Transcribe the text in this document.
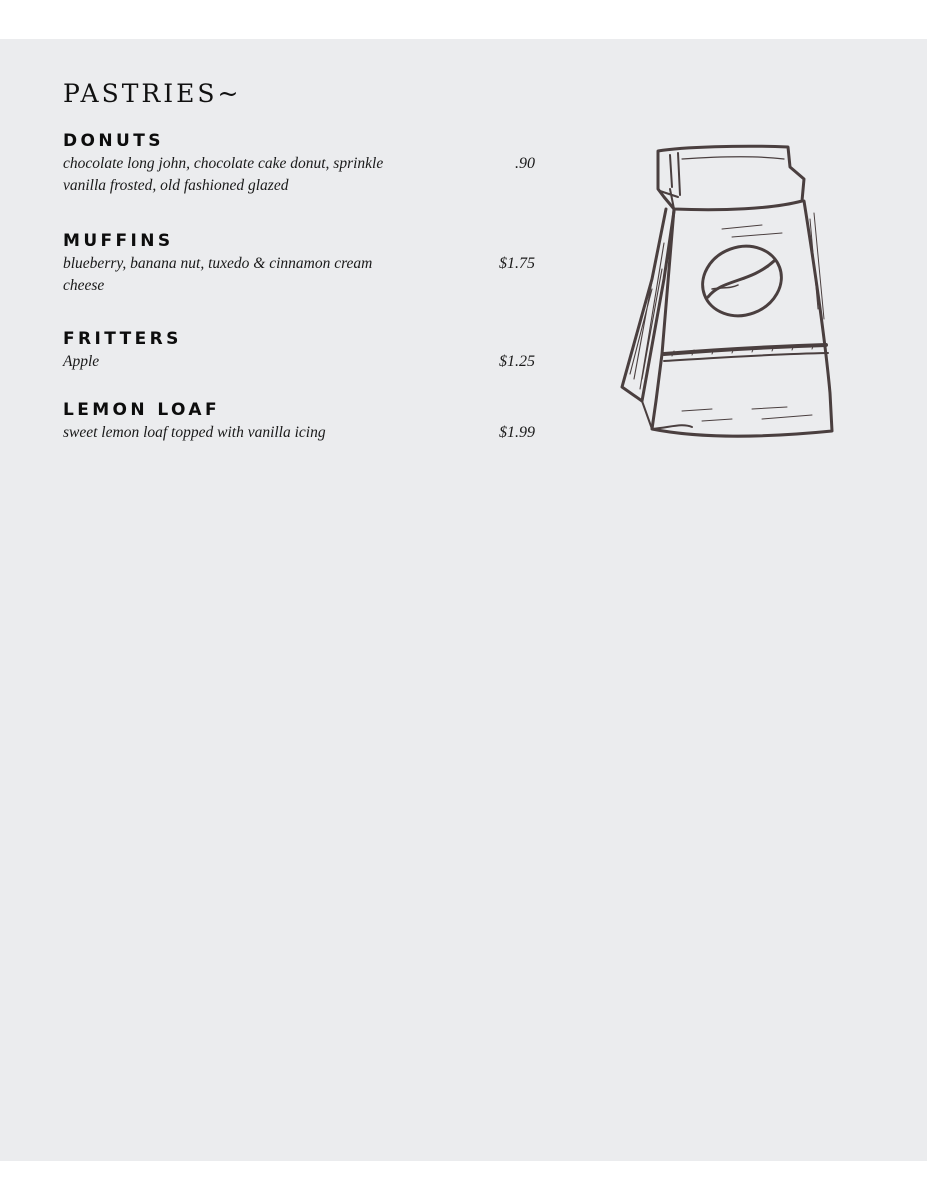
PASTRIES~
DONUTS
.90

chocolate long john, chocolate cake donut, sprinkle vanilla frosted, old fashioned glazed

MUFFINS
$1.75

blueberry, banana nut, tuxedo & cinnamon cream cheese

FRITTERS
$1.25

Apple

LEMON LOAF
$1.99

sweet lemon loaf topped with vanilla icing
